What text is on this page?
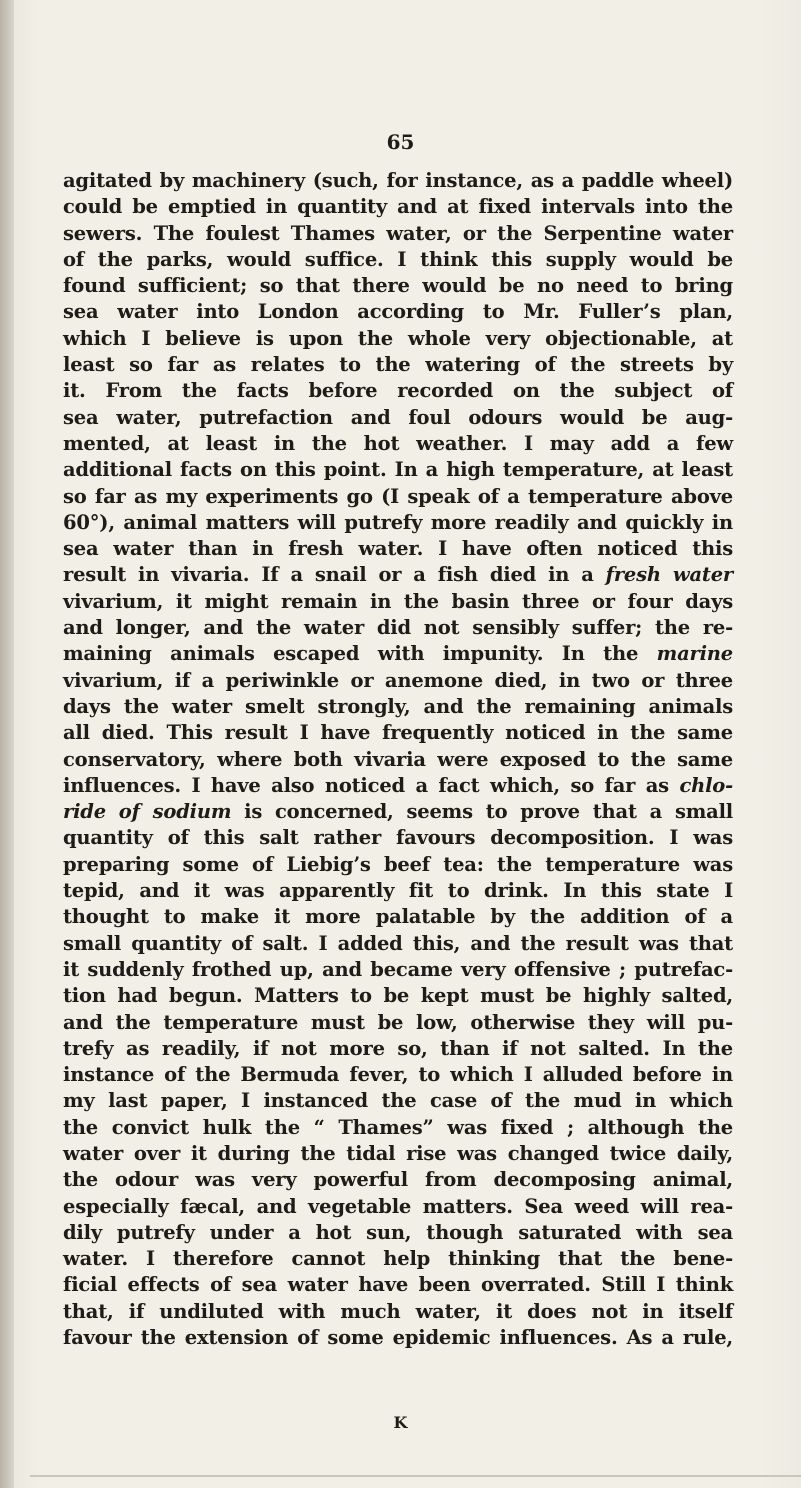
65
agitated by machinery (such, for instance, as a paddle wheel)
could be emptied in quantity and at fixed intervals into the
sewers. The foulest Thames water, or the Serpentine water
of the parks, would suffice. I think this supply would be
found sufficient; so that there would be no need to bring
sea water into London according to Mr. Fuller’s plan,
which I believe is upon the whole very objectionable, at
least so far as relates to the watering of the streets by
it. From the facts before recorded on the subject of
sea water, putrefaction and foul odours would be aug-
mented, at least in the hot weather. I may add a few
additional facts on this point. In a high temperature, at least
so far as my experiments go (I speak of a temperature above
60°), animal matters will putrefy more readily and quickly in
sea water than in fresh water. I have often noticed this
result in vivaria. If a snail or a fish died in a fresh water
vivarium, it might remain in the basin three or four days
and longer, and the water did not sensibly suffer; the re-
maining animals escaped with impunity. In the marine
vivarium, if a periwinkle or anemone died, in two or three
days the water smelt strongly, and the remaining animals
all died. This result I have frequently noticed in the same
conservatory, where both vivaria were exposed to the same
influences. I have also noticed a fact which, so far as chlo-
ride of sodium is concerned, seems to prove that a small
quantity of this salt rather favours decomposition. I was
preparing some of Liebig’s beef tea: the temperature was
tepid, and it was apparently fit to drink. In this state I
thought to make it more palatable by the addition of a
small quantity of salt. I added this, and the result was that
it suddenly frothed up, and became very offensive ; putrefac-
tion had begun. Matters to be kept must be highly salted,
and the temperature must be low, otherwise they will pu-
trefy as readily, if not more so, than if not salted. In the
instance of the Bermuda fever, to which I alluded before in
my last paper, I instanced the case of the mud in which
the convict hulk the “ Thames” was fixed ; although the
water over it during the tidal rise was changed twice daily,
the odour was very powerful from decomposing animal,
especially fæcal, and vegetable matters. Sea weed will rea-
dily putrefy under a hot sun, though saturated with sea
water. I therefore cannot help thinking that the bene-
ficial effects of sea water have been overrated. Still I think
that, if undiluted with much water, it does not in itself
favour the extension of some epidemic influences. As a rule,
K
